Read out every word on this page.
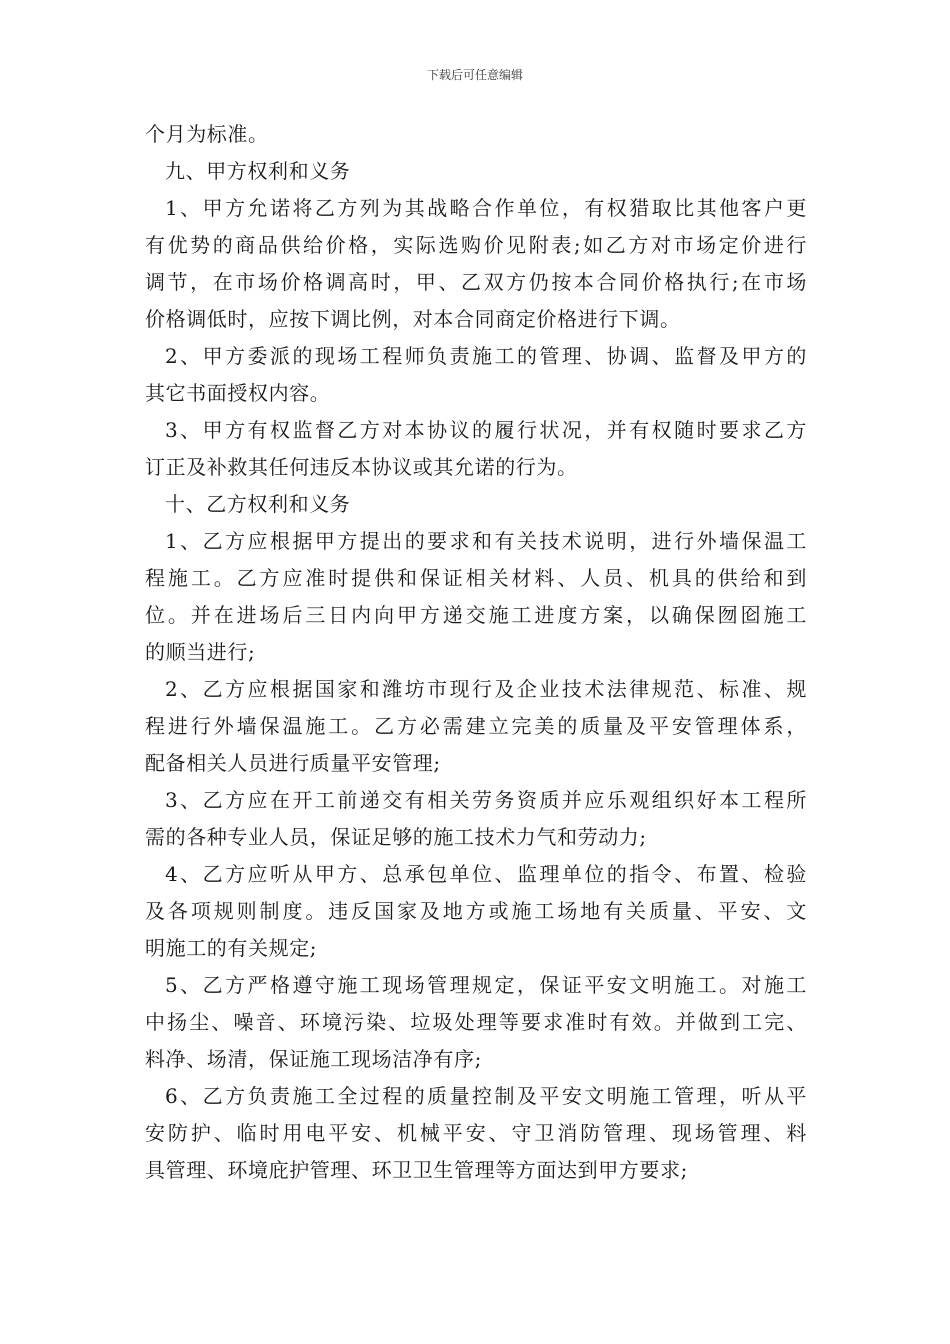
下载后可任意编辑
个月为标准。
九、甲方权利和义务
1、甲方允诺将乙方列为其战略合作单位，有权猎取比其他客户更
有优势的商品供给价格，实际选购价见附表;如乙方对市场定价进行
调节，在市场价格调高时，甲、乙双方仍按本合同价格执行;在市场
价格调低时，应按下调比例，对本合同商定价格进行下调。
2、甲方委派的现场工程师负责施工的管理、协调、监督及甲方的
其它书面授权内容。
3、甲方有权监督乙方对本协议的履行状况，并有权随时要求乙方
订正及补救其任何违反本协议或其允诺的行为。
十、乙方权利和义务
1、乙方应根据甲方提出的要求和有关技术说明，进行外墙保温工
程施工。乙方应准时提供和保证相关材料、人员、机具的供给和到
位。并在进场后三日内向甲方递交施工进度方案，以确保囫囵施工
的顺当进行;
2、乙方应根据国家和潍坊市现行及企业技术法律规范、标准、规
程进行外墙保温施工。乙方必需建立完美的质量及平安管理体系，
配备相关人员进行质量平安管理;
3、乙方应在开工前递交有相关劳务资质并应乐观组织好本工程所
需的各种专业人员，保证足够的施工技术力气和劳动力;
4、乙方应听从甲方、总承包单位、监理单位的指令、布置、检验
及各项规则制度。违反国家及地方或施工场地有关质量、平安、文
明施工的有关规定;
5、乙方严格遵守施工现场管理规定，保证平安文明施工。对施工
中扬尘、噪音、环境污染、垃圾处理等要求准时有效。并做到工完、
料净、场清，保证施工现场洁净有序;
6、乙方负责施工全过程的质量控制及平安文明施工管理，听从平
安防护、临时用电平安、机械平安、守卫消防管理、现场管理、料
具管理、环境庇护管理、环卫卫生管理等方面达到甲方要求;
